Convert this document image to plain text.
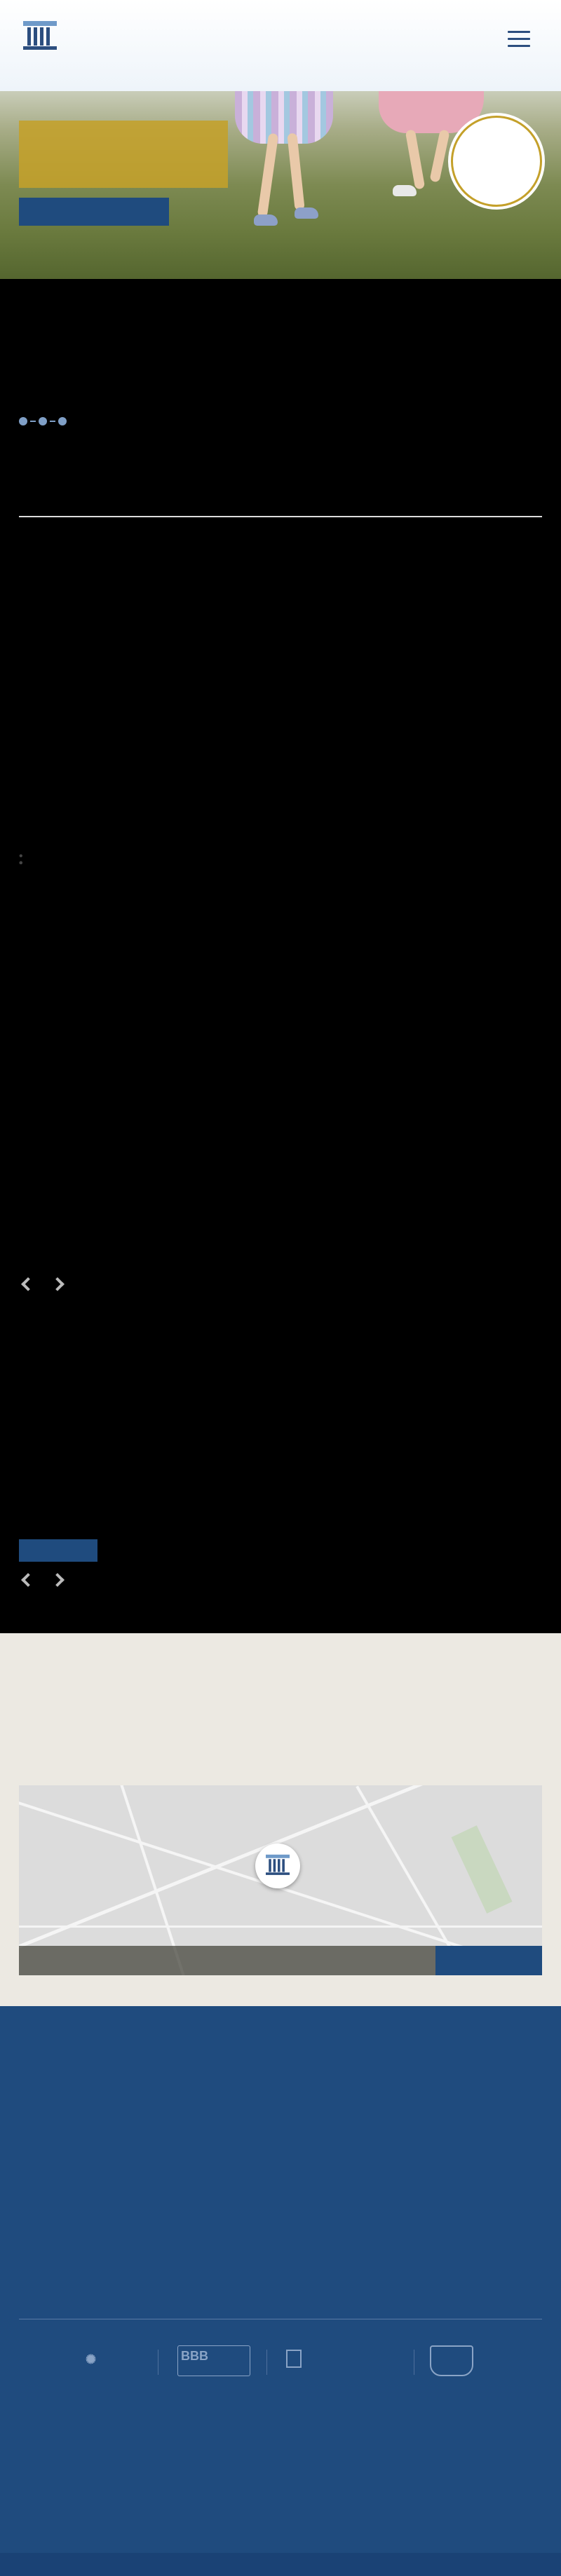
✺	BBB
